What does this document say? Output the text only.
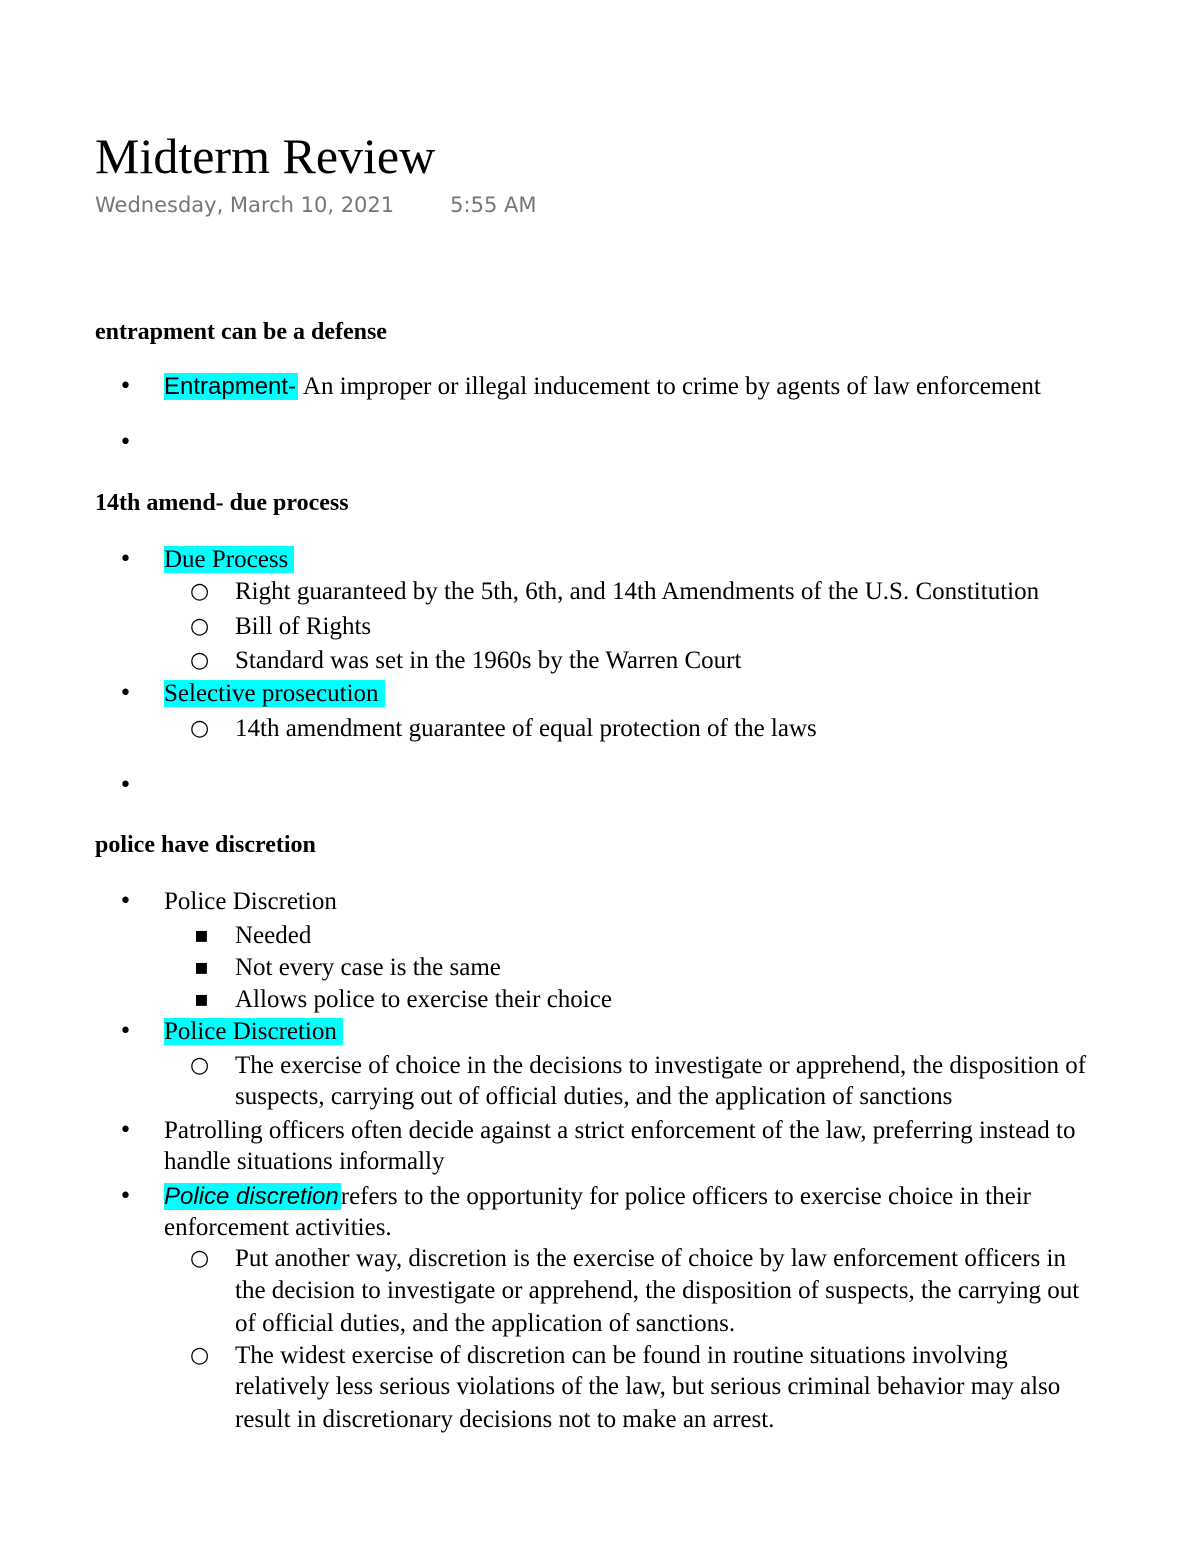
Midterm Review
Wednesday, March 10, 2021	5:55 AM
entrapment can be a defense
• Entrapment- An improper or illegal inducement to crime by agents of law enforcement
•
14th amend- due process
• Due Process
○ Right guaranteed by the 5th, 6th, and 14th Amendments of the U.S. Constitution
○ Bill of Rights
○ Standard was set in the 1960s by the Warren Court
• Selective prosecution
○ 14th amendment guarantee of equal protection of the laws
•
police have discretion
• Police Discretion
▪ Needed
▪ Not every case is the same
▪ Allows police to exercise their choice
• Police Discretion
○ The exercise of choice in the decisions to investigate or apprehend, the disposition of
suspects, carrying out of official duties, and the application of sanctions
• Patrolling officers often decide against a strict enforcement of the law, preferring instead to
handle situations informally
• Police discretionrefers to the opportunity for police officers to exercise choice in their
enforcement activities.
○ Put another way, discretion is the exercise of choice by law enforcement officers in
the decision to investigate or apprehend, the disposition of suspects, the carrying out
of official duties, and the application of sanctions.
○ The widest exercise of discretion can be found in routine situations involving
relatively less serious violations of the law, but serious criminal behavior may also
result in discretionary decisions not to make an arrest.
